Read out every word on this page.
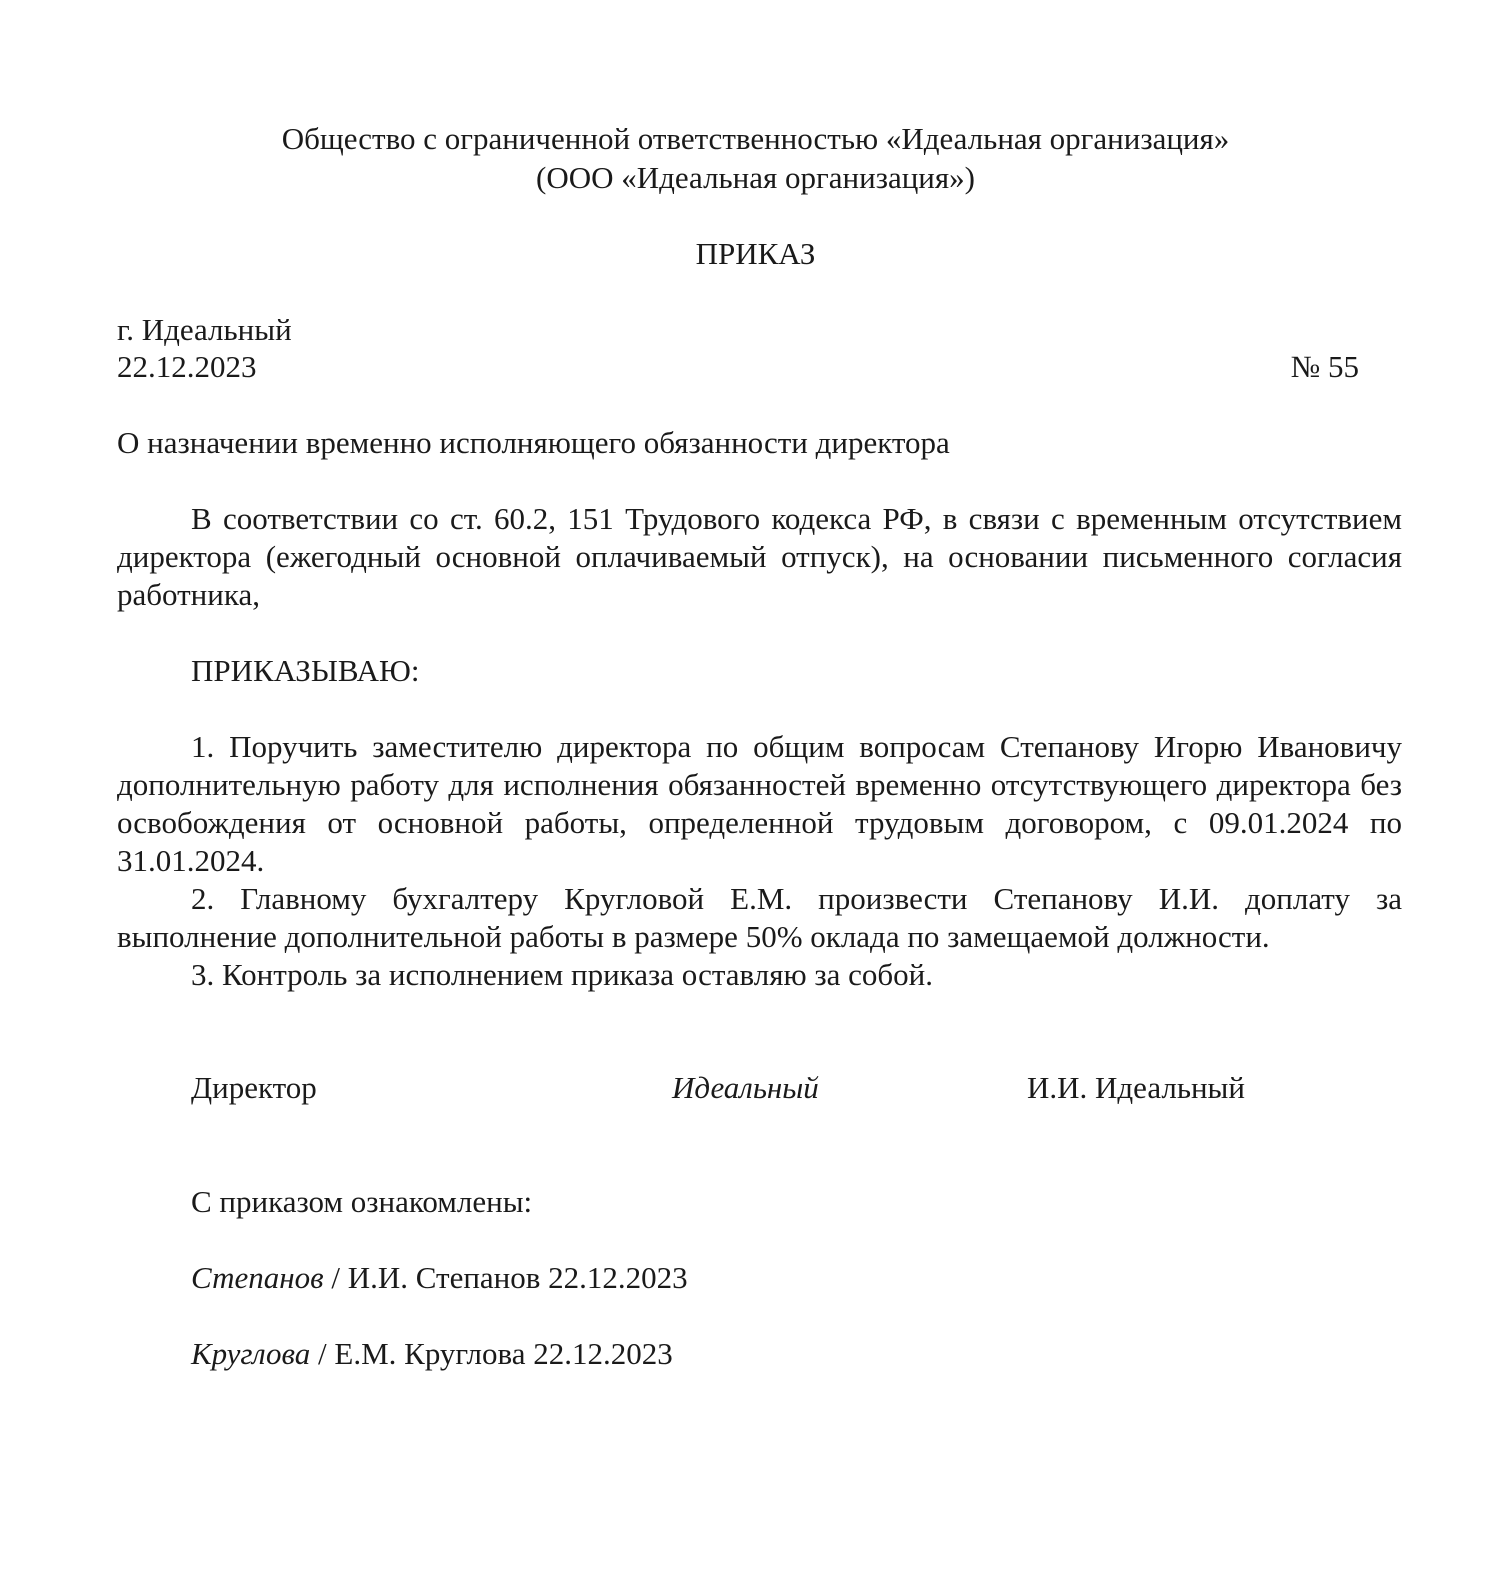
Общество с ограниченной ответственностью «Идеальная организация»
(ООО «Идеальная организация»)
ПРИКАЗ
г. Идеальный
22.12.2023	№ 55
О назначении временно исполняющего обязанности директора

В соответствии со ст. 60.2, 151 Трудового кодекса РФ, в связи с временным отсутствием директора (ежегодный основной оплачиваемый отпуск), на основании письменного согласия работника,

ПРИКАЗЫВАЮ:

1. Поручить заместителю директора по общим вопросам Степанову Игорю Ивановичу дополнительную работу для исполнения обязанностей временно отсутствующего директора без освобождения от основной работы, определенной трудовым договором, с 09.01.2024 по 31.01.2024.

2. Главному бухгалтеру Кругловой Е.М. произвести Степанову И.И. доплату за выполнение дополнительной работы в размере 50% оклада по замещаемой должности.

3. Контроль за исполнением приказа оставляю за собой.

Директор	Идеальный	И.И. Идеальный
С приказом ознакомлены:
Степанов / И.И. Степанов 22.12.2023
Круглова / Е.М. Круглова 22.12.2023
